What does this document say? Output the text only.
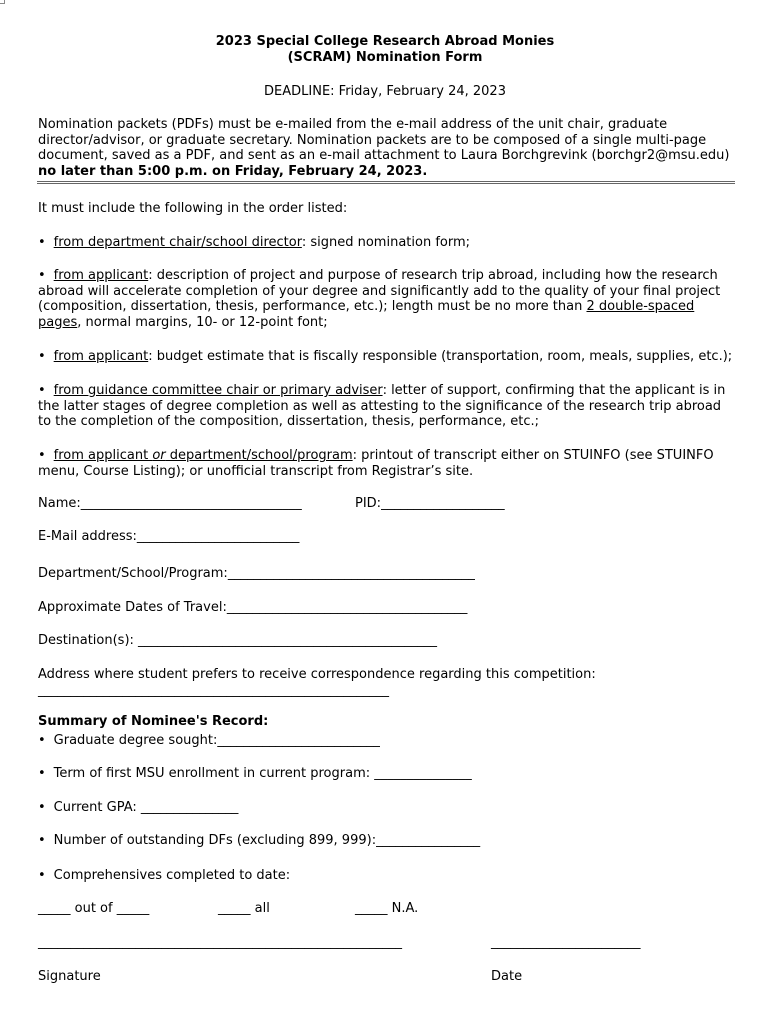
2023 Special College Research Abroad Monies
(SCRAM) Nomination Form
DEADLINE: Friday, February 24, 2023
Nomination packets (PDFs) must be e-mailed from the e-mail address of the unit chair, graduate director/advisor, or graduate secretary. Nomination packets are to be composed of a single multi-page document, saved as a PDF, and sent as an e-mail attachment to Laura Borchgrevink (borchgr2@msu.edu) no later than 5:00 p.m. on Friday, February 24, 2023.
It must include the following in the order listed:
• from department chair/school director: signed nomination form;
• from applicant: description of project and purpose of research trip abroad, including how the research abroad will accelerate completion of your degree and significantly add to the quality of your final project (composition, dissertation, thesis, performance, etc.); length must be no more than 2 double-spaced pages, normal margins, 10- or 12-point font;
• from applicant: budget estimate that is fiscally responsible (transportation, room, meals, supplies, etc.);
• from guidance committee chair or primary adviser: letter of support, confirming that the applicant is in the latter stages of degree completion as well as attesting to the significance of the research trip abroad to the completion of the composition, dissertation, thesis, performance, etc.;
• from applicant or department/school/program: printout of transcript either on STUINFO (see STUINFO menu, Course Listing); or unofficial transcript from Registrar’s site.
Name:__________________________________	PID:___________________
E-Mail address:_________________________
Department/School/Program:______________________________________
Approximate Dates of Travel:_____________________________________
Destination(s): ______________________________________________
Address where student prefers to receive correspondence regarding this competition:
______________________________________________________
Summary of Nominee's Record:
• Graduate degree sought:_________________________
• Term of first MSU enrollment in current program: _______________
• Current GPA: _______________
• Number of outstanding DFs (excluding 899, 999):________________
• Comprehensives completed to date:
_____ out of _____	_____ all	_____ N.A.
________________________________________________________	_______________________
Signature	Date
